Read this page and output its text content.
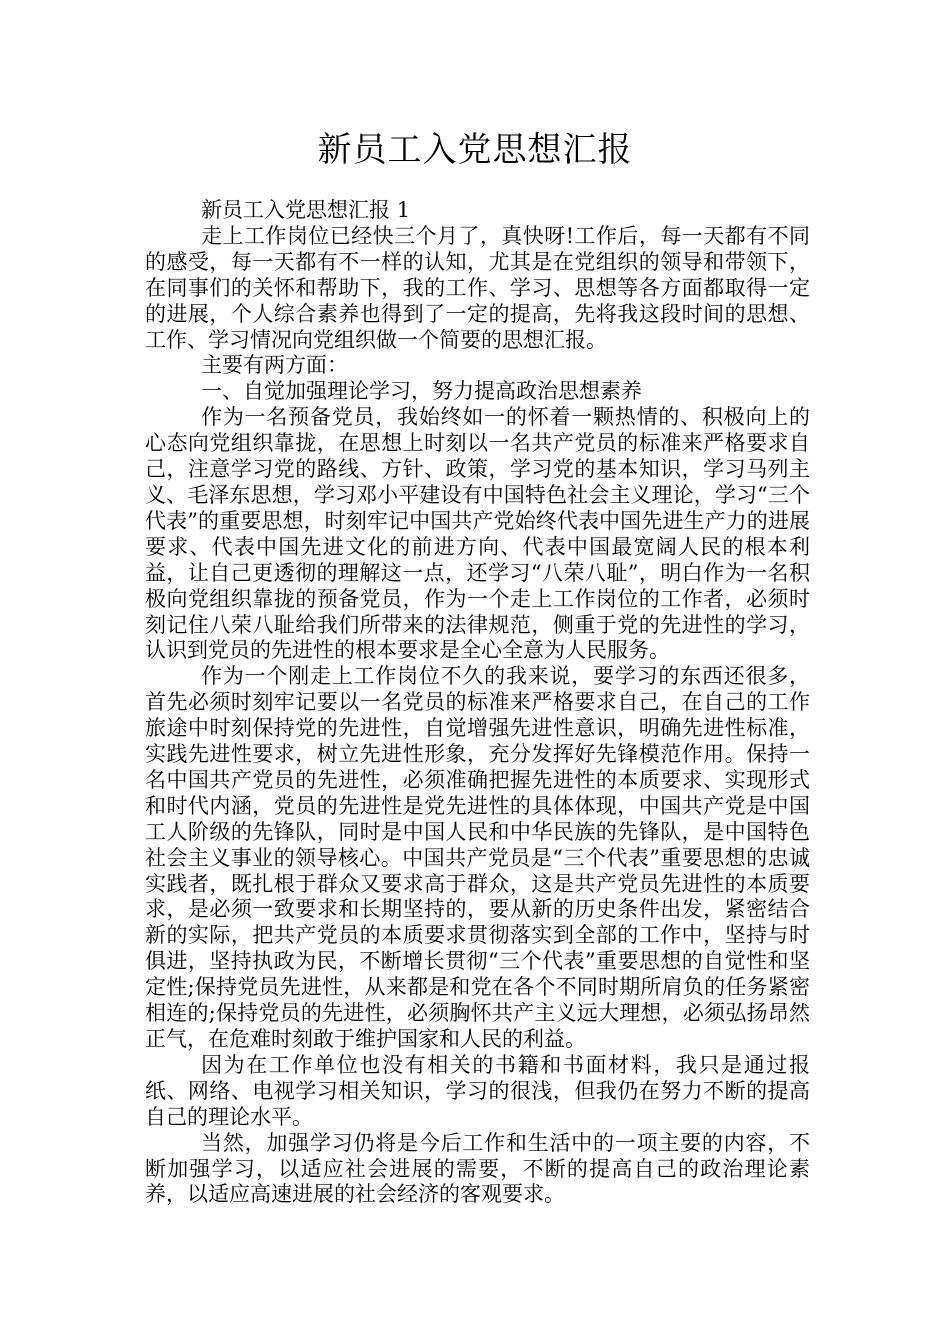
新员工入党思想汇报

新员工入党思想汇报 1

走上工作岗位已经快三个月了，真快呀!工作后，每一天都有不同的感受，每一天都有不一样的认知，尤其是在党组织的领导和带领下，在同事们的关怀和帮助下，我的工作、学习、思想等各方面都取得一定的进展，个人综合素养也得到了一定的提高，先将我这段时间的思想、工作、学习情况向党组织做一个简要的思想汇报。

主要有两方面：

一、自觉加强理论学习，努力提高政治思想素养

作为一名预备党员，我始终如一的怀着一颗热情的、积极向上的心态向党组织靠拢，在思想上时刻以一名共产党员的标准来严格要求自己，注意学习党的路线、方针、政策，学习党的基本知识，学习马列主义、毛泽东思想，学习邓小平建设有中国特色社会主义理论，学习“三个代表”的重要思想，时刻牢记中国共产党始终代表中国先进生产力的进展要求、代表中国先进文化的前进方向、代表中国最宽阔人民的根本利益，让自己更透彻的理解这一点，还学习“八荣八耻”，明白作为一名积极向党组织靠拢的预备党员，作为一个走上工作岗位的工作者，必须时刻记住八荣八耻给我们所带来的法律规范，侧重于党的先进性的学习，认识到党员的先进性的根本要求是全心全意为人民服务。

作为一个刚走上工作岗位不久的我来说，要学习的东西还很多，首先必须时刻牢记要以一名党员的标准来严格要求自己，在自己的工作旅途中时刻保持党的先进性，自觉增强先进性意识，明确先进性标准，实践先进性要求，树立先进性形象，充分发挥好先锋模范作用。保持一名中国共产党员的先进性，必须准确把握先进性的本质要求、实现形式和时代内涵，党员的先进性是党先进性的具体体现，中国共产党是中国工人阶级的先锋队，同时是中国人民和中华民族的先锋队，是中国特色社会主义事业的领导核心。中国共产党员是“三个代表”重要思想的忠诚实践者，既扎根于群众又要求高于群众，这是共产党员先进性的本质要求，是必须一致要求和长期坚持的，要从新的历史条件出发，紧密结合新的实际，把共产党员的本质要求贯彻落实到全部的工作中，坚持与时俱进，坚持执政为民，不断增长贯彻“三个代表”重要思想的自觉性和坚定性;保持党员先进性，从来都是和党在各个不同时期所肩负的任务紧密相连的;保持党员的先进性，必须胸怀共产主义远大理想，必须弘扬昂然正气，在危难时刻敢于维护国家和人民的利益。

因为在工作单位也没有相关的书籍和书面材料，我只是通过报纸、网络、电视学习相关知识，学习的很浅，但我仍在努力不断的提高自己的理论水平。

当然，加强学习仍将是今后工作和生活中的一项主要的内容，不断加强学习，以适应社会进展的需要，不断的提高自己的政治理论素养，以适应高速进展的社会经济的客观要求。
